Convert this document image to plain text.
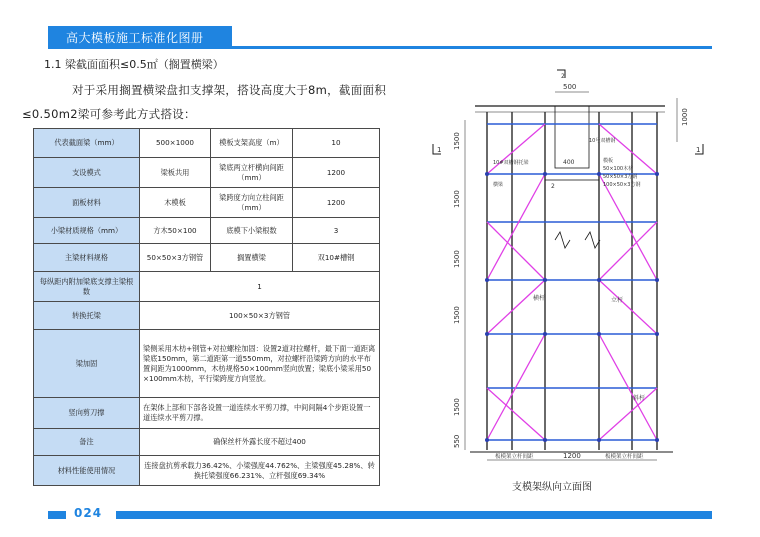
高大模板施工标准化图册
1.1 梁截面面积≤0.5㎡（搁置横梁）
对于采用搁置横梁盘扣支撑架，搭设高度大于8m，截面面积
≤0.50m2梁可参考此方式搭设：
代表截面梁（mm）	500×1000	模板支架高度（m）	10
支设模式	梁板共用	梁底两立杆横向间距（mm）	1200
面板材料	木模板	梁跨度方向立柱间距（mm）	1200
小梁材质规格（mm）	方木50×100	底模下小梁根数	3
主梁材料规格	50×50×3方钢管	搁置横梁	双10#槽钢
每纵距内附加梁底支撑主梁根数	1		
转换托梁	100×50×3方钢管		
梁加固	梁侧采用木枋+钢管+对拉螺栓加固：设置2道对拉螺杆，最下面一道距离梁底150mm，第二道距第一道550mm，对拉螺杆沿梁跨方向的水平布置间距为1000mm，木枋规格50×100mm竖向放置；梁底小梁采用50×100mm木枋，平行梁跨度方向竖放。		
竖向剪刀撑	在架体上部和下部各设置一道连续水平剪刀撑，中间间隔4个步距设置一道连续水平剪刀撑。		
备注	确保丝杆外露长度不超过400		
材料性能使用情况	连接盘抗剪承载力36.42%、小梁强度44.762%、主梁强度45.28%、转换托梁强度66.231%、立杆强度69.34%		
500
1000
1500
1500
1500
1500
1500
550
板模架立杆间距	1200	板模架立杆间距
2
1	1
10号双槽钢
10#双槽钢托梁
横梁
模板
50×100木枋
50×50×3方钢
100×50×3方钢
横杆	立杆
斜杆
400
2
支模架纵向立面图
024
